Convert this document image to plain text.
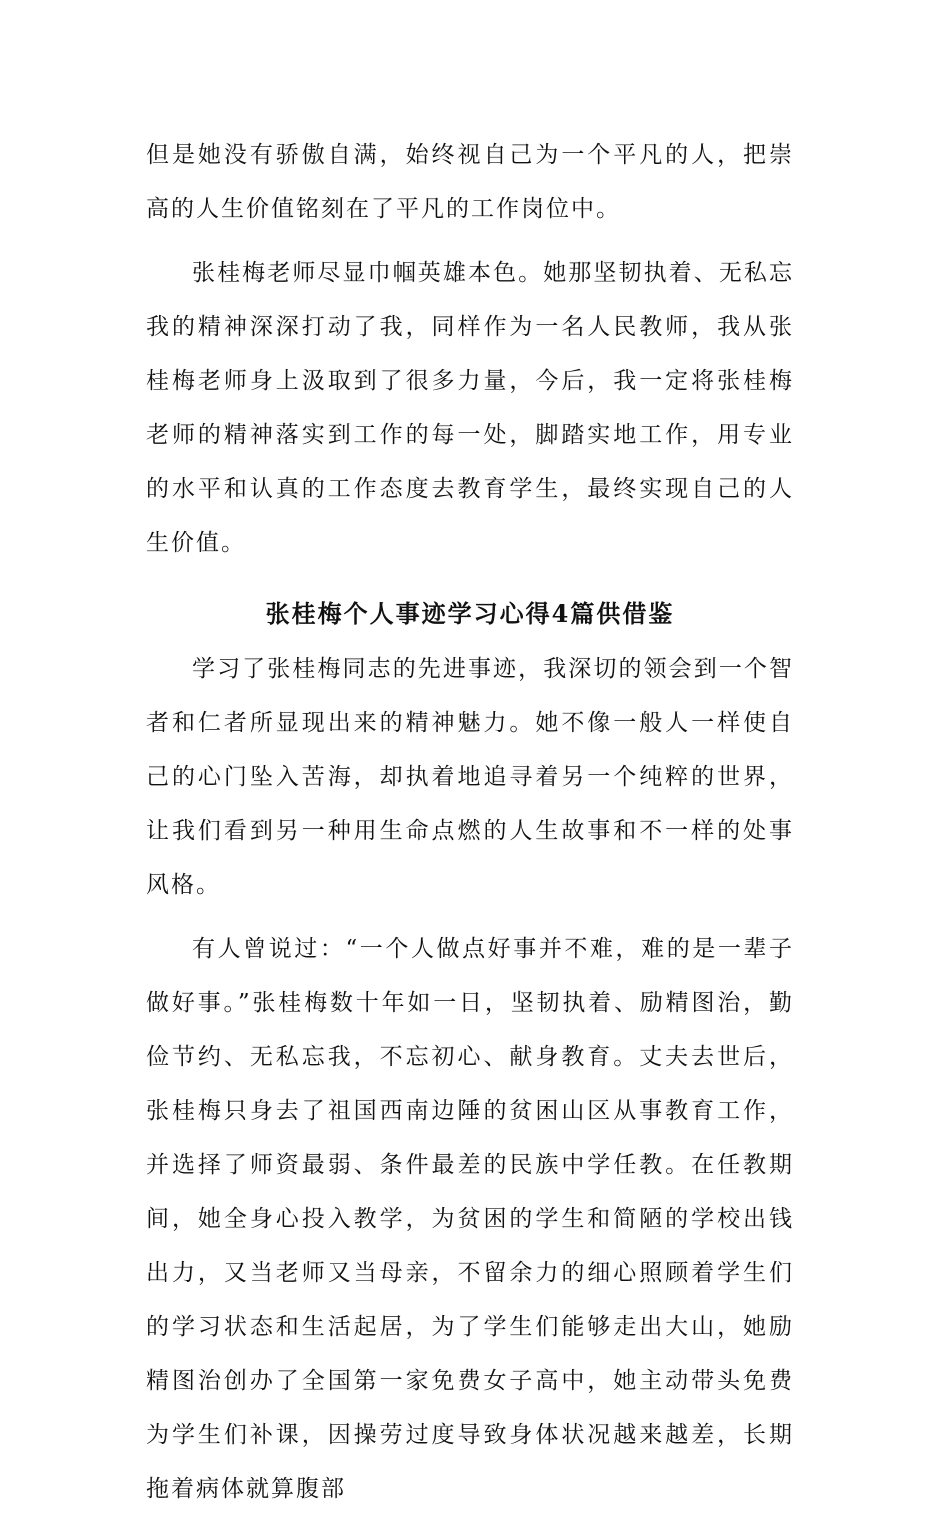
但是她没有骄傲自满，始终视自己为一个平凡的人，把崇高的人生价值铭刻在了平凡的工作岗位中。

张桂梅老师尽显巾帼英雄本色。她那坚韧执着、无私忘我的精神深深打动了我，同样作为一名人民教师，我从张桂梅老师身上汲取到了很多力量，今后，我一定将张桂梅老师的精神落实到工作的每一处，脚踏实地工作，用专业的水平和认真的工作态度去教育学生，最终实现自己的人生价值。

张桂梅个人事迹学习心得4篇供借鉴

学习了张桂梅同志的先进事迹，我深切的领会到一个智者和仁者所显现出来的精神魅力。她不像一般人一样使自己的心门坠入苦海，却执着地追寻着另一个纯粹的世界，让我们看到另一种用生命点燃的人生故事和不一样的处事风格。

有人曾说过：“一个人做点好事并不难，难的是一辈子做好事。”张桂梅数十年如一日，坚韧执着、励精图治，勤俭节约、无私忘我，不忘初心、献身教育。丈夫去世后，张桂梅只身去了祖国西南边陲的贫困山区从事教育工作，并选择了师资最弱、条件最差的民族中学任教。在任教期间，她全身心投入教学，为贫困的学生和简陋的学校出钱出力，又当老师又当母亲，不留余力的细心照顾着学生们的学习状态和生活起居，为了学生们能够走出大山，她励精图治创办了全国第一家免费女子高中，她主动带头免费为学生们补课，因操劳过度导致身体状况越来越差，长期拖着病体就算腹部
